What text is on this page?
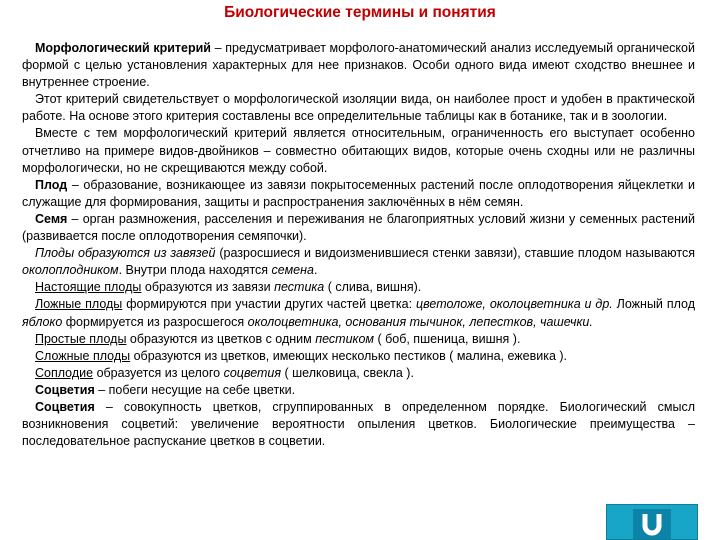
Биологические термины и понятия

Морфологический критерий – предусматривает морфолого-анатомический анализ исследуемый органической формой с целью установления характерных для нее признаков. Особи одного вида имеют сходство внешнее и внутреннее строение.

Этот критерий свидетельствует о морфологической изоляции вида, он наиболее прост и удобен в практической работе. На основе этого критерия составлены все определительные таблицы как в ботанике, так и в зоологии.

Вместе с тем морфологический критерий является относительным, ограниченность его выступает особенно отчетливо на примере видов-двойников – совместно обитающих видов, которые очень сходны или не различны морфологически, но не скрещиваются между собой.

Плод – образование, возникающее из завязи покрытосеменных растений после оплодотворения яйцеклетки и служащие для формирования, защиты и распространения заключённых в нём семян.

Семя – орган размножения, расселения и переживания не благоприятных условий жизни у семенных растений (развивается после оплодотворения семяпочки).

Плоды образуются из завязей (разросшиеся и видоизменившиеся стенки завязи), ставшие плодом называются околоплодником. Внутри плода находятся семена.

Настоящие плоды образуются из завязи пестика ( слива, вишня).

Ложные плоды формируются при участии других частей цветка: цветоложе, околоцветника и др. Ложный плод яблоко формируется из разросшегося околоцветника, основания тычинок, лепестков, чашечки.

Простые плоды образуются из цветков с одним пестиком ( боб, пшеница, вишня ).

Сложные плоды образуются из цветков, имеющих несколько пестиков ( малина, ежевика ).

Соплодие образуется из целого соцветия ( шелковица, свекла ).

Соцветия – побеги несущие на себе цветки.

Соцветия – совокупность цветков, сгруппированных в определенном порядке. Биологический смысл возникновения соцветий: увеличение вероятности опыления цветков. Биологические преимущества – последовательное распускание цветков в соцветии.
